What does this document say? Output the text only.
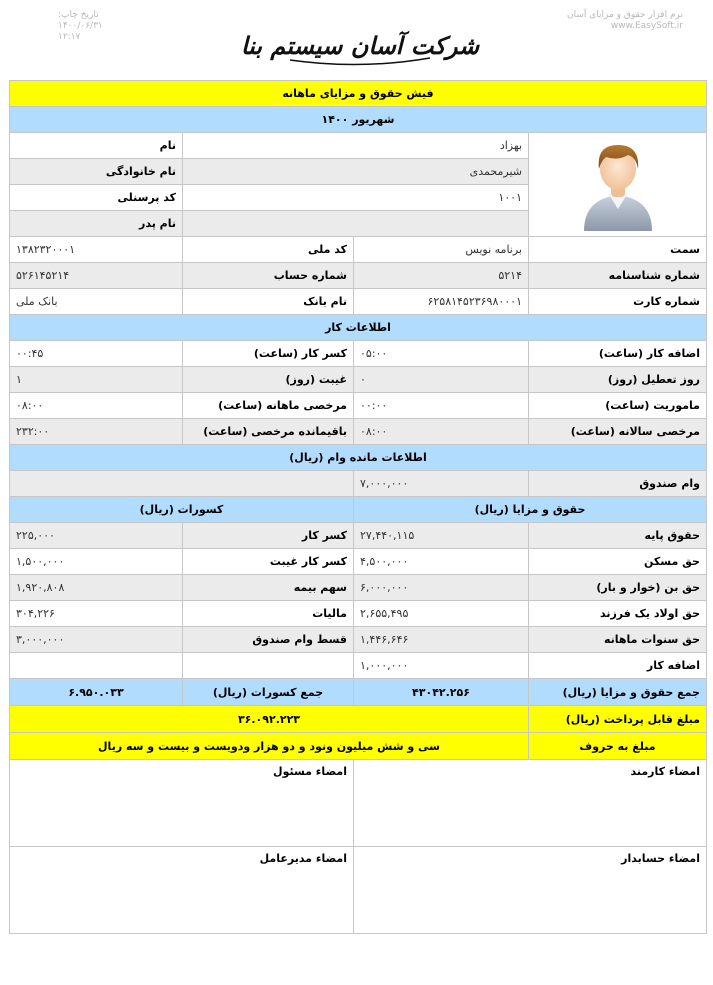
نرم افزار حقوق و مزایای آسان
www.EasySoft.ir
شرکت آسان سیستم بنا
تاریخ چاپ:
۱۴۰۰/۰۶/۳۱
۱۲:۱۷
فیش حقوق و مزایای ماهانه			
شهریور ۱۴۰۰			
	بهزاد		نام
	شیرمحمدی		نام خانوادگی
	۱۰۰۱		کد پرسنلی
			نام پدر
سمت	برنامه نویس	کد ملی	۱۳۸۲۳۲۰۰۰۱
شماره شناسنامه	۵۲۱۴	شماره حساب	۵۲۶۱۴۵۲۱۴
شماره کارت	۶۲۵۸۱۴۵۲۳۶۹۸۰۰۰۱	نام بانک	بانک ملی
اطلاعات کار			
اضافه کار (ساعت)	۰۵:۰۰	کسر کار (ساعت)	۰۰:۴۵
روز تعطیل (روز)	۰	غیبت (روز)	۱
ماموریت (ساعت)	۰۰:۰۰	مرخصی ماهانه (ساعت)	۰۸:۰۰
مرخصی سالانه (ساعت)	۰۸:۰۰	باقیمانده مرخصی (ساعت)	۲۳۲:۰۰
اطلاعات مانده وام (ریال)			
وام صندوق	۷,۰۰۰,۰۰۰		
حقوق و مزایا (ریال)		کسورات (ریال)	
حقوق پایه	۲۷,۴۴۰,۱۱۵	کسر کار	۲۲۵,۰۰۰
حق مسکن	۴,۵۰۰,۰۰۰	کسر کار غیبت	۱,۵۰۰,۰۰۰
حق بن (خوار و بار)	۶,۰۰۰,۰۰۰	سهم بیمه	۱,۹۲۰,۸۰۸
حق اولاد یک فرزند	۲,۶۵۵,۴۹۵	مالیات	۳۰۴,۲۲۶
حق سنوات ماهانه	۱,۴۴۶,۶۴۶	قسط وام صندوق	۳,۰۰۰,۰۰۰
اضافه کار	۱,۰۰۰,۰۰۰		
جمع حقوق و مزایا (ریال)	۴۳۰۴۲.۲۵۶	جمع کسورات (ریال)	۶.۹۵۰.۰۳۳
مبلغ قابل پرداخت (ریال)	۳۶.۰۹۲.۲۲۳		
مبلغ به حروف	سی و شش میلیون ونود و دو هزار ودویست و بیست و سه ریال		
امضاء کارمند		امضاء مسئول	
امضاء حسابدار		امضاء مدیرعامل	
